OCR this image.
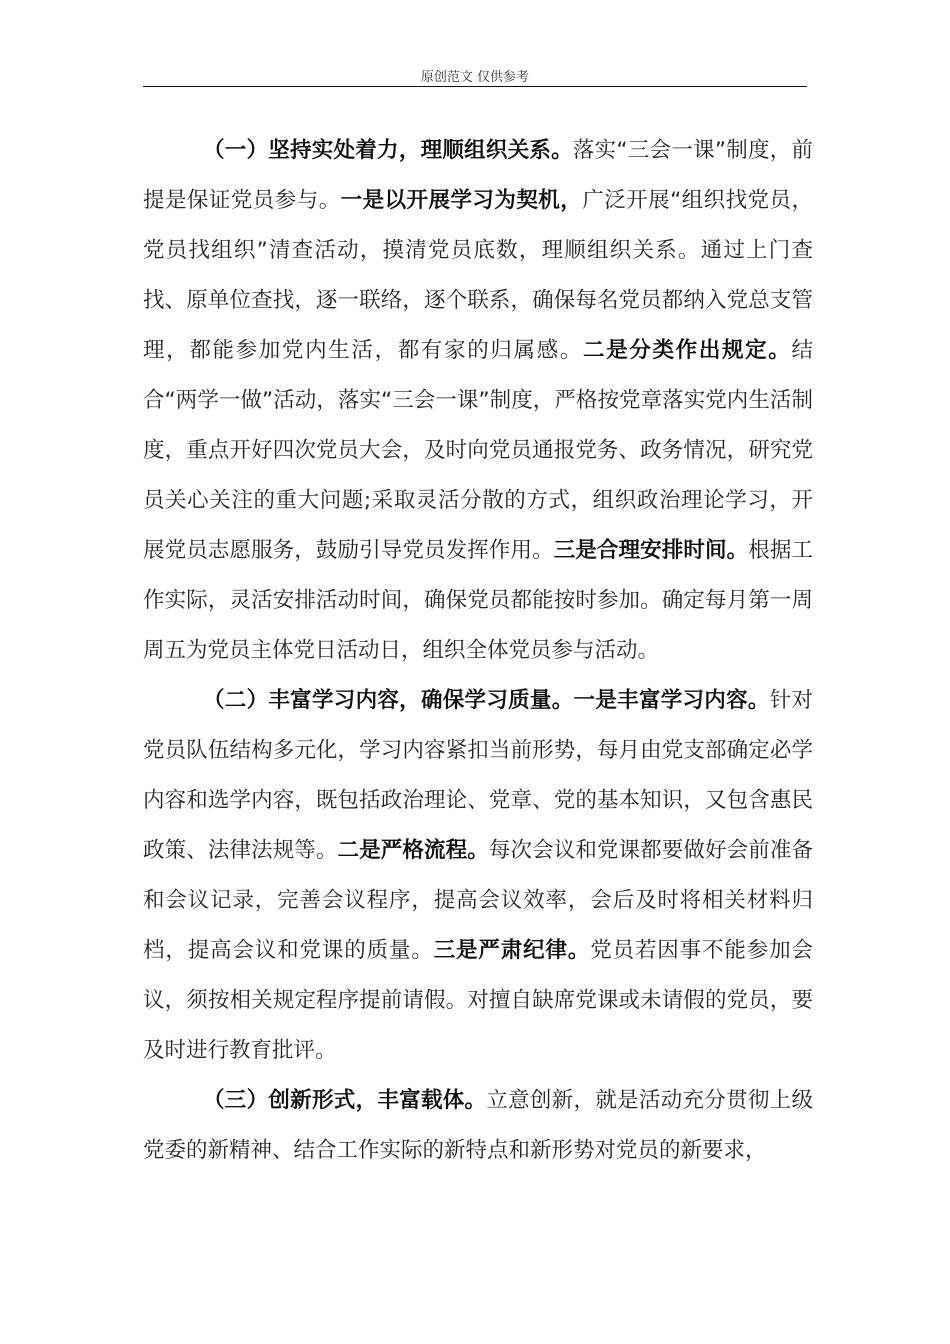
原创范文 仅供参考

（一）坚持实处着力，理顺组织关系。落实“三会一课”制度，前提是保证党员参与。一是以开展学习为契机，广泛开展“组织找党员，党员找组织”清查活动，摸清党员底数，理顺组织关系。通过上门查找、原单位查找，逐一联络，逐个联系，确保每名党员都纳入党总支管理，都能参加党内生活，都有家的归属感。二是分类作出规定。结合“两学一做”活动，落实“三会一课”制度，严格按党章落实党内生活制度，重点开好四次党员大会，及时向党员通报党务、政务情况，研究党员关心关注的重大问题;采取灵活分散的方式，组织政治理论学习，开展党员志愿服务，鼓励引导党员发挥作用。三是合理安排时间。根据工作实际，灵活安排活动时间，确保党员都能按时参加。确定每月第一周周五为党员主体党日活动日，组织全体党员参与活动。

（二）丰富学习内容，确保学习质量。一是丰富学习内容。针对党员队伍结构多元化，学习内容紧扣当前形势，每月由党支部确定必学内容和选学内容，既包括政治理论、党章、党的基本知识，又包含惠民政策、法律法规等。二是严格流程。每次会议和党课都要做好会前准备和会议记录，完善会议程序，提高会议效率，会后及时将相关材料归档，提高会议和党课的质量。三是严肃纪律。党员若因事不能参加会议，须按相关规定程序提前请假。对擅自缺席党课或未请假的党员，要及时进行教育批评。

（三）创新形式，丰富载体。立意创新，就是活动充分贯彻上级党委的新精神、结合工作实际的新特点和新形势对党员的新要求，
